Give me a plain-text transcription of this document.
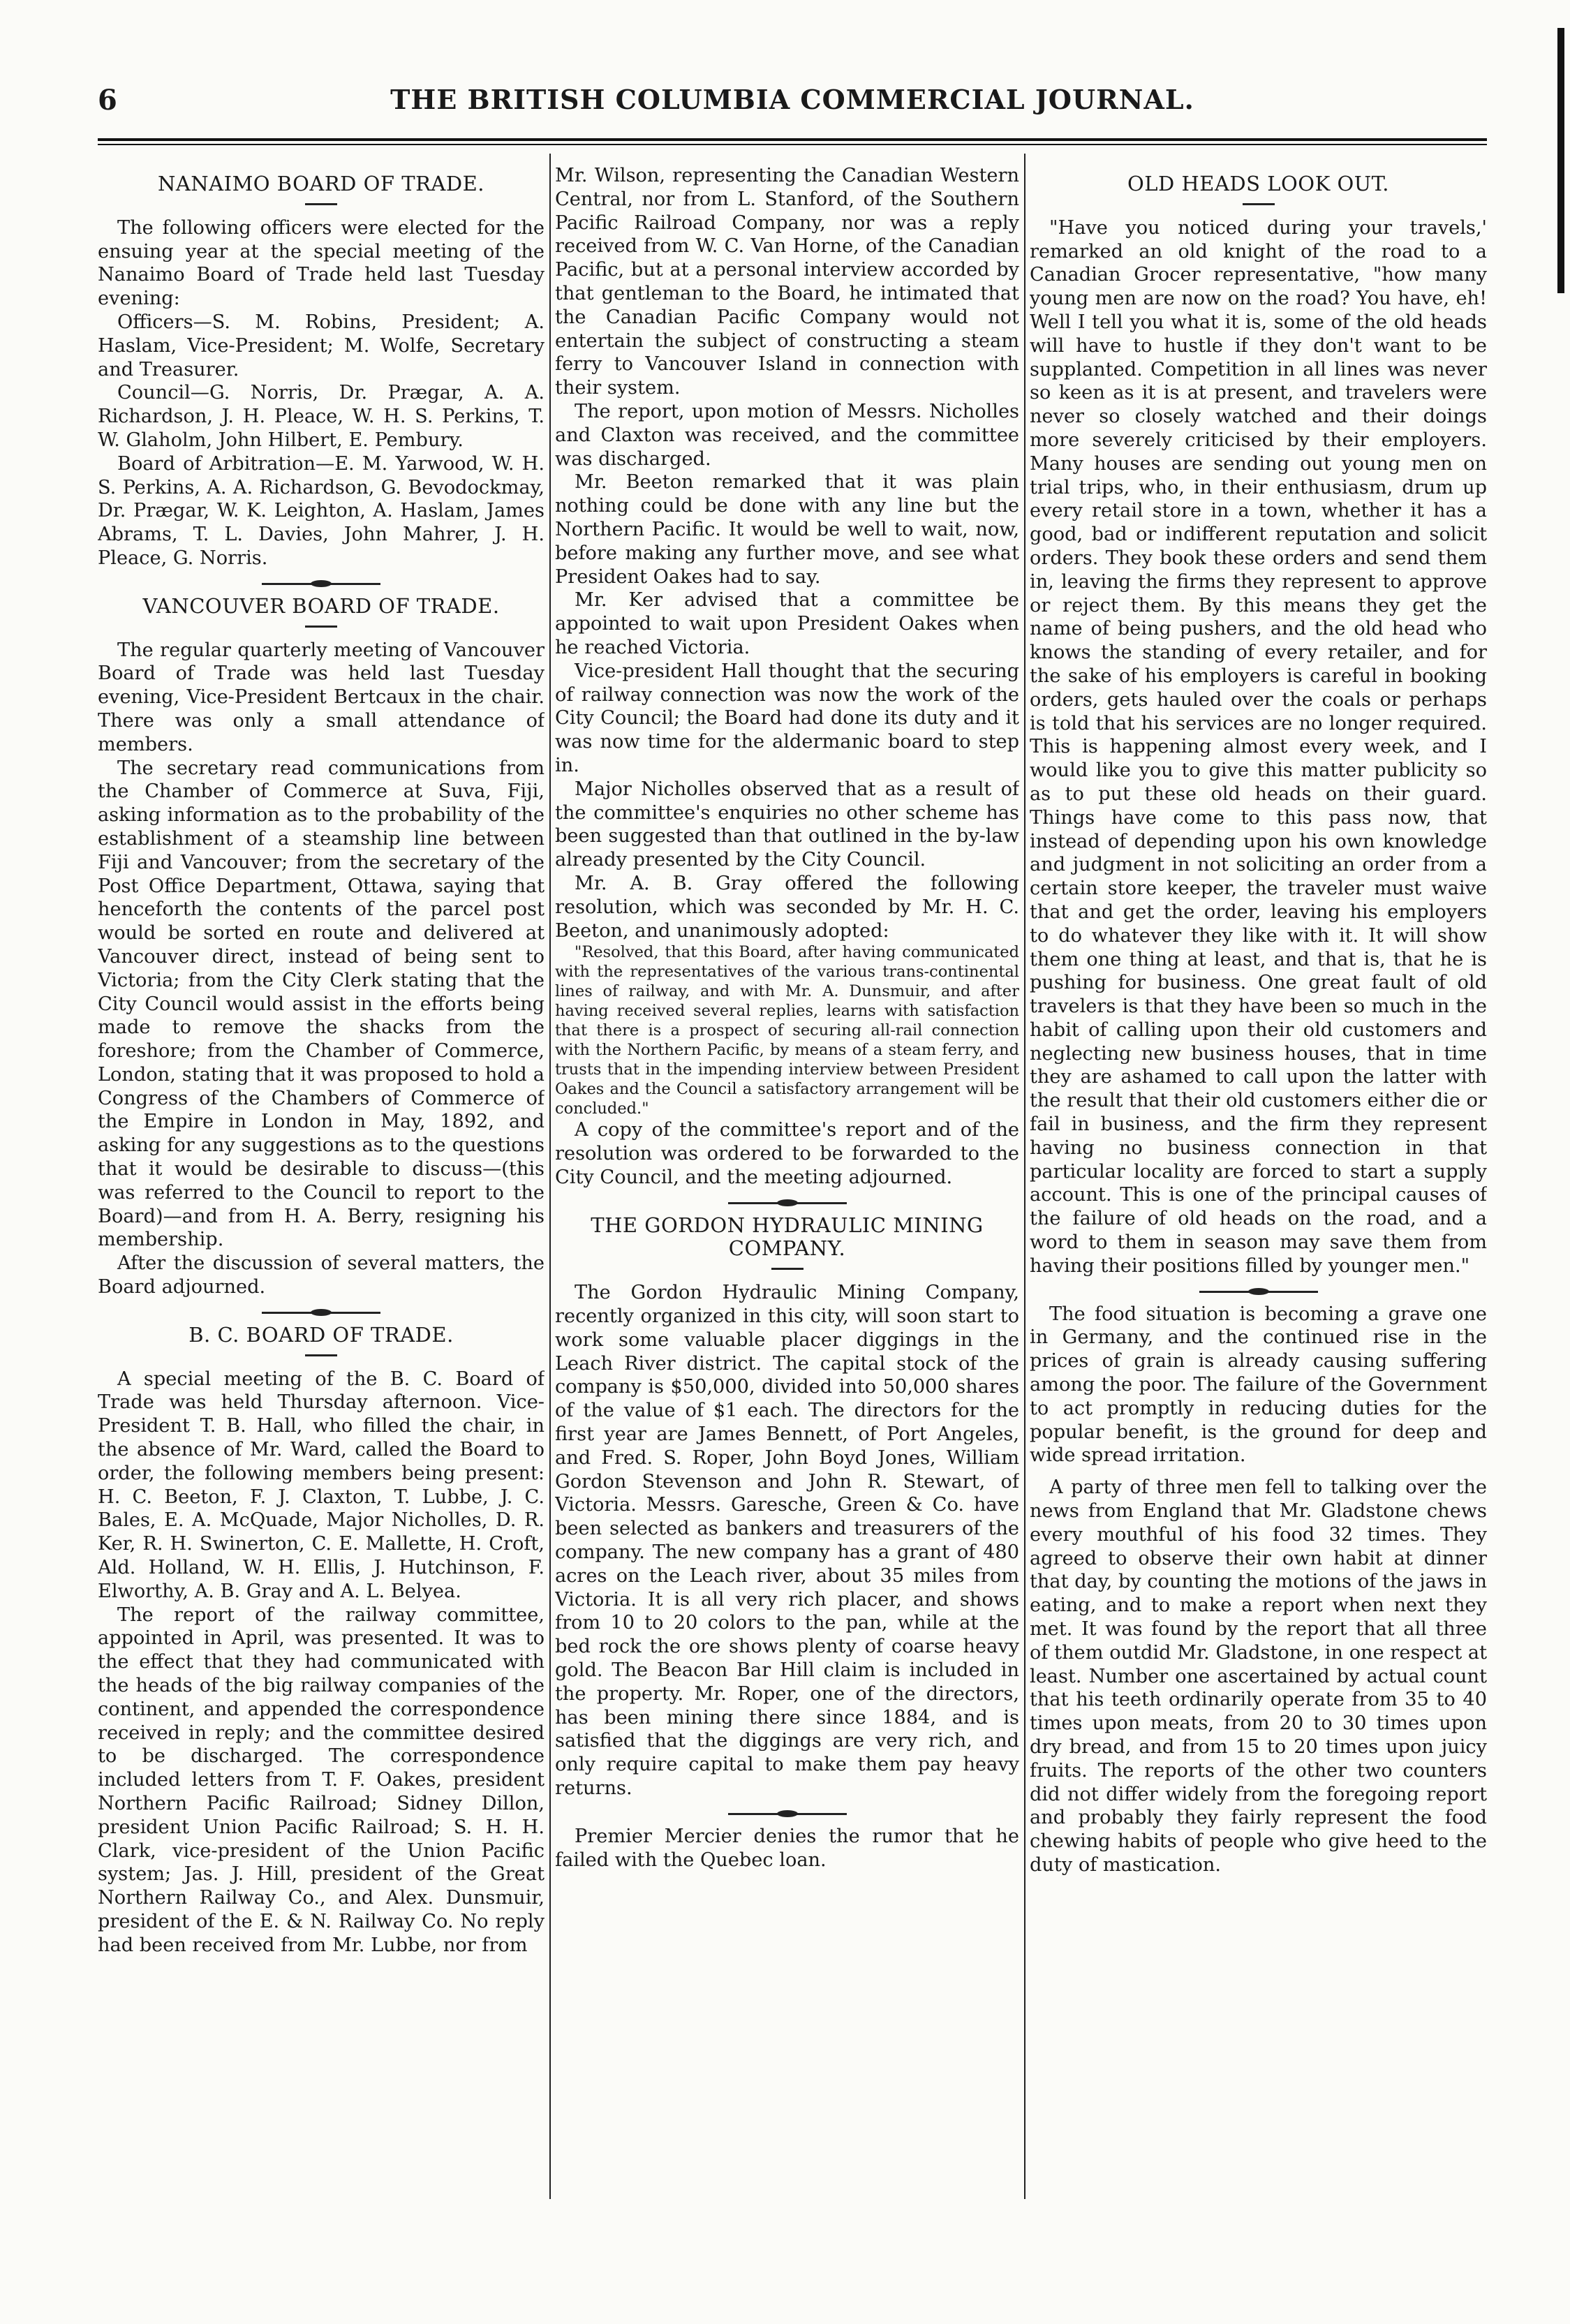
6	THE BRITISH COLUMBIA COMMERCIAL JOURNAL.
NANAIMO BOARD OF TRADE.

The following officers were elected for the ensuing year at the special meeting of the Nanaimo Board of Trade held last Tuesday evening:

Officers—S. M. Robins, President; A. Haslam, Vice-President; M. Wolfe, Secretary and Treasurer.

Council—G. Norris, Dr. Prægar, A. A. Richardson, J. H. Pleace, W. H. S. Perkins, T. W. Glaholm, John Hilbert, E. Pembury.

Board of Arbitration—E. M. Yarwood, W. H. S. Perkins, A. A. Richardson, G. Bevodockmay, Dr. Prægar, W. K. Leighton, A. Haslam, James Abrams, T. L. Davies, John Mahrer, J. H. Pleace, G. Norris.

VANCOUVER BOARD OF TRADE.

The regular quarterly meeting of Vancouver Board of Trade was held last Tuesday evening, Vice-President Bertcaux in the chair. There was only a small attendance of members.

The secretary read communications from the Chamber of Commerce at Suva, Fiji, asking information as to the probability of the establishment of a steamship line between Fiji and Vancouver; from the secretary of the Post Office Department, Ottawa, saying that henceforth the contents of the parcel post would be sorted en route and delivered at Vancouver direct, instead of being sent to Victoria; from the City Clerk stating that the City Council would assist in the efforts being made to remove the shacks from the foreshore; from the Chamber of Commerce, London, stating that it was proposed to hold a Congress of the Chambers of Commerce of the Empire in London in May, 1892, and asking for any suggestions as to the questions that it would be desirable to discuss—(this was referred to the Council to report to the Board)—and from H. A. Berry, resigning his membership.

After the discussion of several matters, the Board adjourned.

B. C. BOARD OF TRADE.

A special meeting of the B. C. Board of Trade was held Thursday afternoon. Vice-President T. B. Hall, who filled the chair, in the absence of Mr. Ward, called the Board to order, the following members being present: H. C. Beeton, F. J. Claxton, T. Lubbe, J. C. Bales, E. A. McQuade, Major Nicholles, D. R. Ker, R. H. Swinerton, C. E. Mallette, H. Croft, Ald. Holland, W. H. Ellis, J. Hutchinson, F. Elworthy, A. B. Gray and A. L. Belyea.

The report of the railway committee, appointed in April, was presented. It was to the effect that they had communicated with the heads of the big railway companies of the continent, and appended the correspondence received in reply; and the committee desired to be discharged. The correspondence included letters from T. F. Oakes, president Northern Pacific Railroad; Sidney Dillon, president Union Pacific Railroad; S. H. H. Clark, vice-president of the Union Pacific system; Jas. J. Hill, president of the Great Northern Railway Co., and Alex. Dunsmuir, president of the E. & N. Railway Co. No reply had been received from Mr. Lubbe, nor from

Mr. Wilson, representing the Canadian Western Central, nor from L. Stanford, of the Southern Pacific Railroad Company, nor was a reply received from W. C. Van Horne, of the Canadian Pacific, but at a personal interview accorded by that gentleman to the Board, he intimated that the Canadian Pacific Company would not entertain the subject of constructing a steam ferry to Vancouver Island in connection with their system.

The report, upon motion of Messrs. Nicholles and Claxton was received, and the committee was discharged.

Mr. Beeton remarked that it was plain nothing could be done with any line but the Northern Pacific. It would be well to wait, now, before making any further move, and see what President Oakes had to say.

Mr. Ker advised that a committee be appointed to wait upon President Oakes when he reached Victoria.

Vice-president Hall thought that the securing of railway connection was now the work of the City Council; the Board had done its duty and it was now time for the aldermanic board to step in.

Major Nicholles observed that as a result of the committee's enquiries no other scheme has been suggested than that outlined in the by-law already presented by the City Council.

Mr. A. B. Gray offered the following resolution, which was seconded by Mr. H. C. Beeton, and unanimously adopted:

"Resolved, that this Board, after having communicated with the representatives of the various trans-continental lines of railway, and with Mr. A. Dunsmuir, and after having received several replies, learns with satisfaction that there is a prospect of securing all-rail connection with the Northern Pacific, by means of a steam ferry, and trusts that in the impending interview between President Oakes and the Council a satisfactory arrangement will be concluded."

A copy of the committee's report and of the resolution was ordered to be forwarded to the City Council, and the meeting adjourned.

THE GORDON HYDRAULIC MINING COMPANY.

The Gordon Hydraulic Mining Company, recently organized in this city, will soon start to work some valuable placer diggings in the Leach River district. The capital stock of the company is $50,000, divided into 50,000 shares of the value of $1 each. The directors for the first year are James Bennett, of Port Angeles, and Fred. S. Roper, John Boyd Jones, William Gordon Stevenson and John R. Stewart, of Victoria. Messrs. Garesche, Green & Co. have been selected as bankers and treasurers of the company. The new company has a grant of 480 acres on the Leach river, about 35 miles from Victoria. It is all very rich placer, and shows from 10 to 20 colors to the pan, while at the bed rock the ore shows plenty of coarse heavy gold. The Beacon Bar Hill claim is included in the property. Mr. Roper, one of the directors, has been mining there since 1884, and is satisfied that the diggings are very rich, and only require capital to make them pay heavy returns.

Premier Mercier denies the rumor that he failed with the Quebec loan.

OLD HEADS LOOK OUT.

"Have you noticed during your travels,' remarked an old knight of the road to a Canadian Grocer representative, "how many young men are now on the road? You have, eh! Well I tell you what it is, some of the old heads will have to hustle if they don't want to be supplanted. Competition in all lines was never so keen as it is at present, and travelers were never so closely watched and their doings more severely criticised by their employers. Many houses are sending out young men on trial trips, who, in their enthusiasm, drum up every retail store in a town, whether it has a good, bad or indifferent reputation and solicit orders. They book these orders and send them in, leaving the firms they represent to approve or reject them. By this means they get the name of being pushers, and the old head who knows the standing of every retailer, and for the sake of his employers is careful in booking orders, gets hauled over the coals or perhaps is told that his services are no longer required. This is happening almost every week, and I would like you to give this matter publicity so as to put these old heads on their guard. Things have come to this pass now, that instead of depending upon his own knowledge and judgment in not soliciting an order from a certain store keeper, the traveler must waive that and get the order, leaving his employers to do whatever they like with it. It will show them one thing at least, and that is, that he is pushing for business. One great fault of old travelers is that they have been so much in the habit of calling upon their old customers and neglecting new business houses, that in time they are ashamed to call upon the latter with the result that their old customers either die or fail in business, and the firm they represent having no business connection in that particular locality are forced to start a supply account. This is one of the principal causes of the failure of old heads on the road, and a word to them in season may save them from having their positions filled by younger men."

The food situation is becoming a grave one in Germany, and the continued rise in the prices of grain is already causing suffering among the poor. The failure of the Government to act promptly in reducing duties for the popular benefit, is the ground for deep and wide spread irritation.

A party of three men fell to talking over the news from England that Mr. Gladstone chews every mouthful of his food 32 times. They agreed to observe their own habit at dinner that day, by counting the motions of the jaws in eating, and to make a report when next they met. It was found by the report that all three of them outdid Mr. Gladstone, in one respect at least. Number one ascertained by actual count that his teeth ordinarily operate from 35 to 40 times upon meats, from 20 to 30 times upon dry bread, and from 15 to 20 times upon juicy fruits. The reports of the other two counters did not differ widely from the foregoing report and probably they fairly represent the food chewing habits of people who give heed to the duty of mastication.
